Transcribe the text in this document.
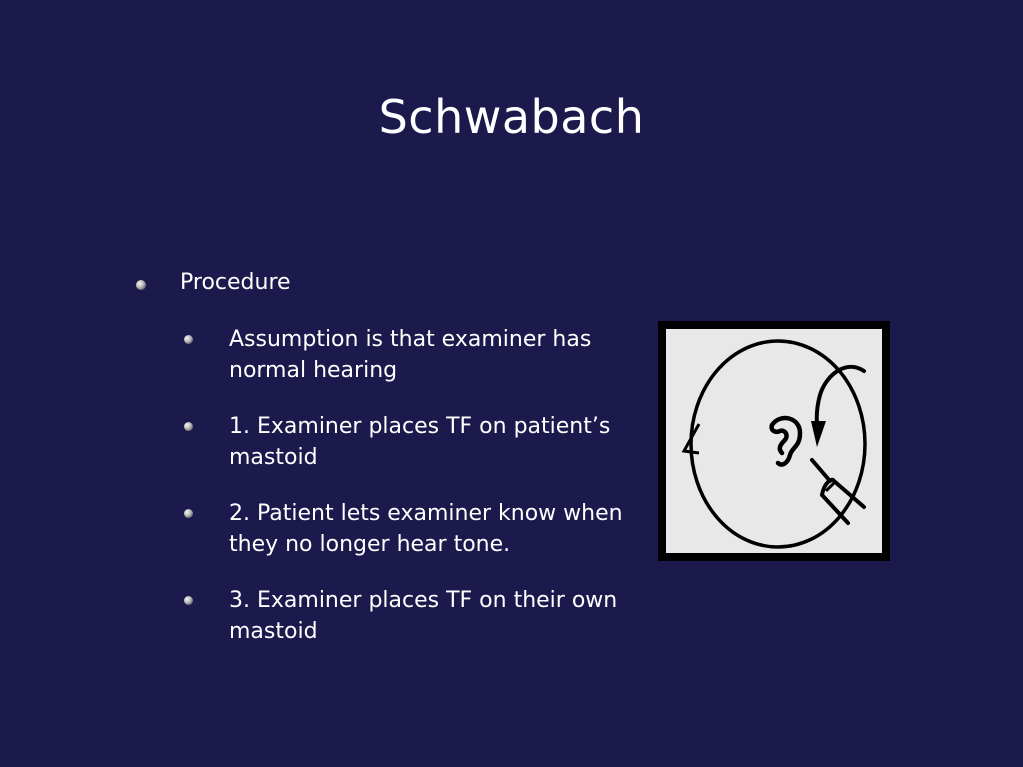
Schwabach
Procedure
Assumption is that examiner has
normal hearing
1. Examiner places TF on patient’s
mastoid
2. Patient lets examiner know when
they no longer hear tone.
3. Examiner places TF on their own
mastoid
